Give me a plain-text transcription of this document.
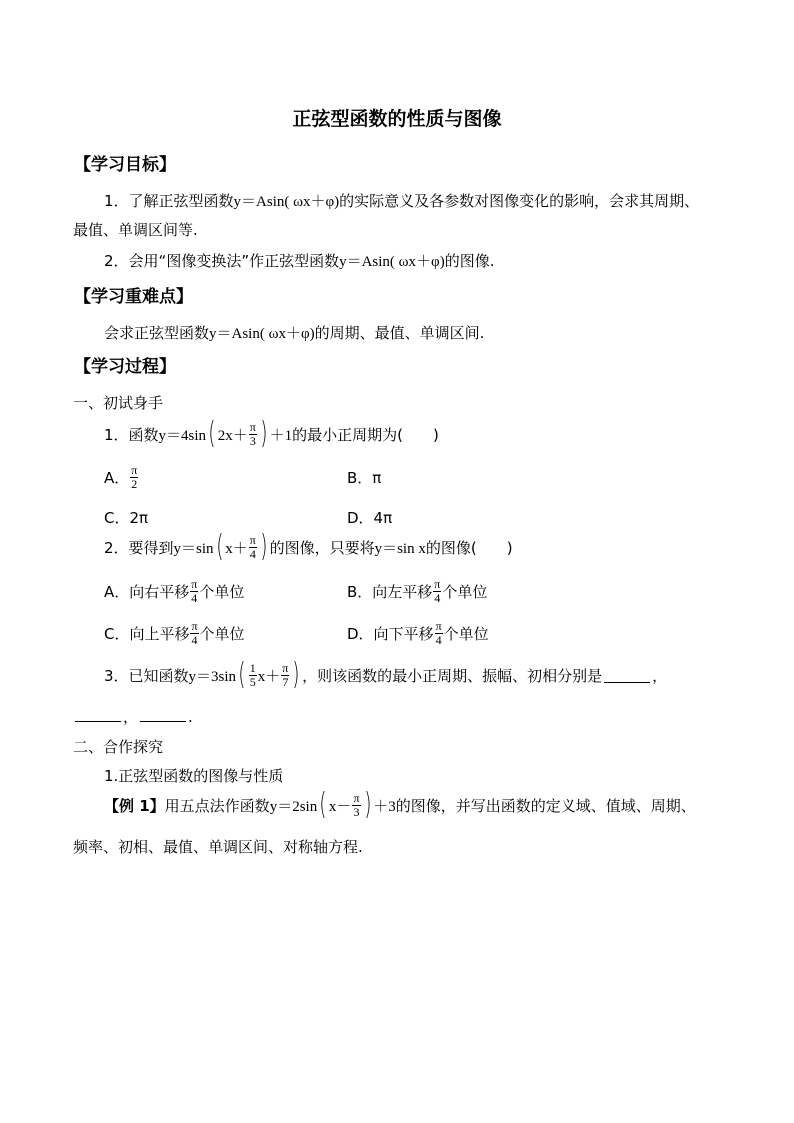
正弦型函数的性质与图像
【学习目标】
1．了解正弦型函数y＝Asin( ωx＋φ)的实际意义及各参数对图像变化的影响，会求其周期、
最值、单调区间等.
2．会用“图像变换法”作正弦型函数y＝Asin( ωx＋φ)的图像.
【学习重难点】
会求正弦型函数y＝Asin( ωx＋φ)的周期、最值、单调区间.
【学习过程】
一、初试身手
1．函数 y＝4sin ( $2x+ \frac{\pi}{3}$ ) ＋1 的最小正周期为(　　)
A． $\frac{\pi}{2}$	B．π
C．2π	D．4π
2．要得到 y＝sin ( $x+ \frac{\pi}{4}$ ) 的图像，只要将 y＝sin x 的图像(　　)
A．向右平移 $\frac{\pi}{4}$ 个单位	B．向左平移 $\frac{\pi}{4}$ 个单位
C．向上平移 $\frac{\pi}{4}$ 个单位	D．向下平移 $\frac{\pi}{4}$ 个单位
3．已知函数 y＝3sin ( $\frac{1}{5} x+ \frac{\pi}{7}$ ) ，则该函数的最小正周期、振幅、初相分别是	，
，	.
二、合作探究
1.正弦型函数的图像与性质
【例 1】 用五点法作函数 y＝2sin ( $x- \frac{\pi}{3}$ ) ＋3 的图像，并写出函数的定义域、值域、周期、
频率、初相、最值、单调区间、对称轴方程.
